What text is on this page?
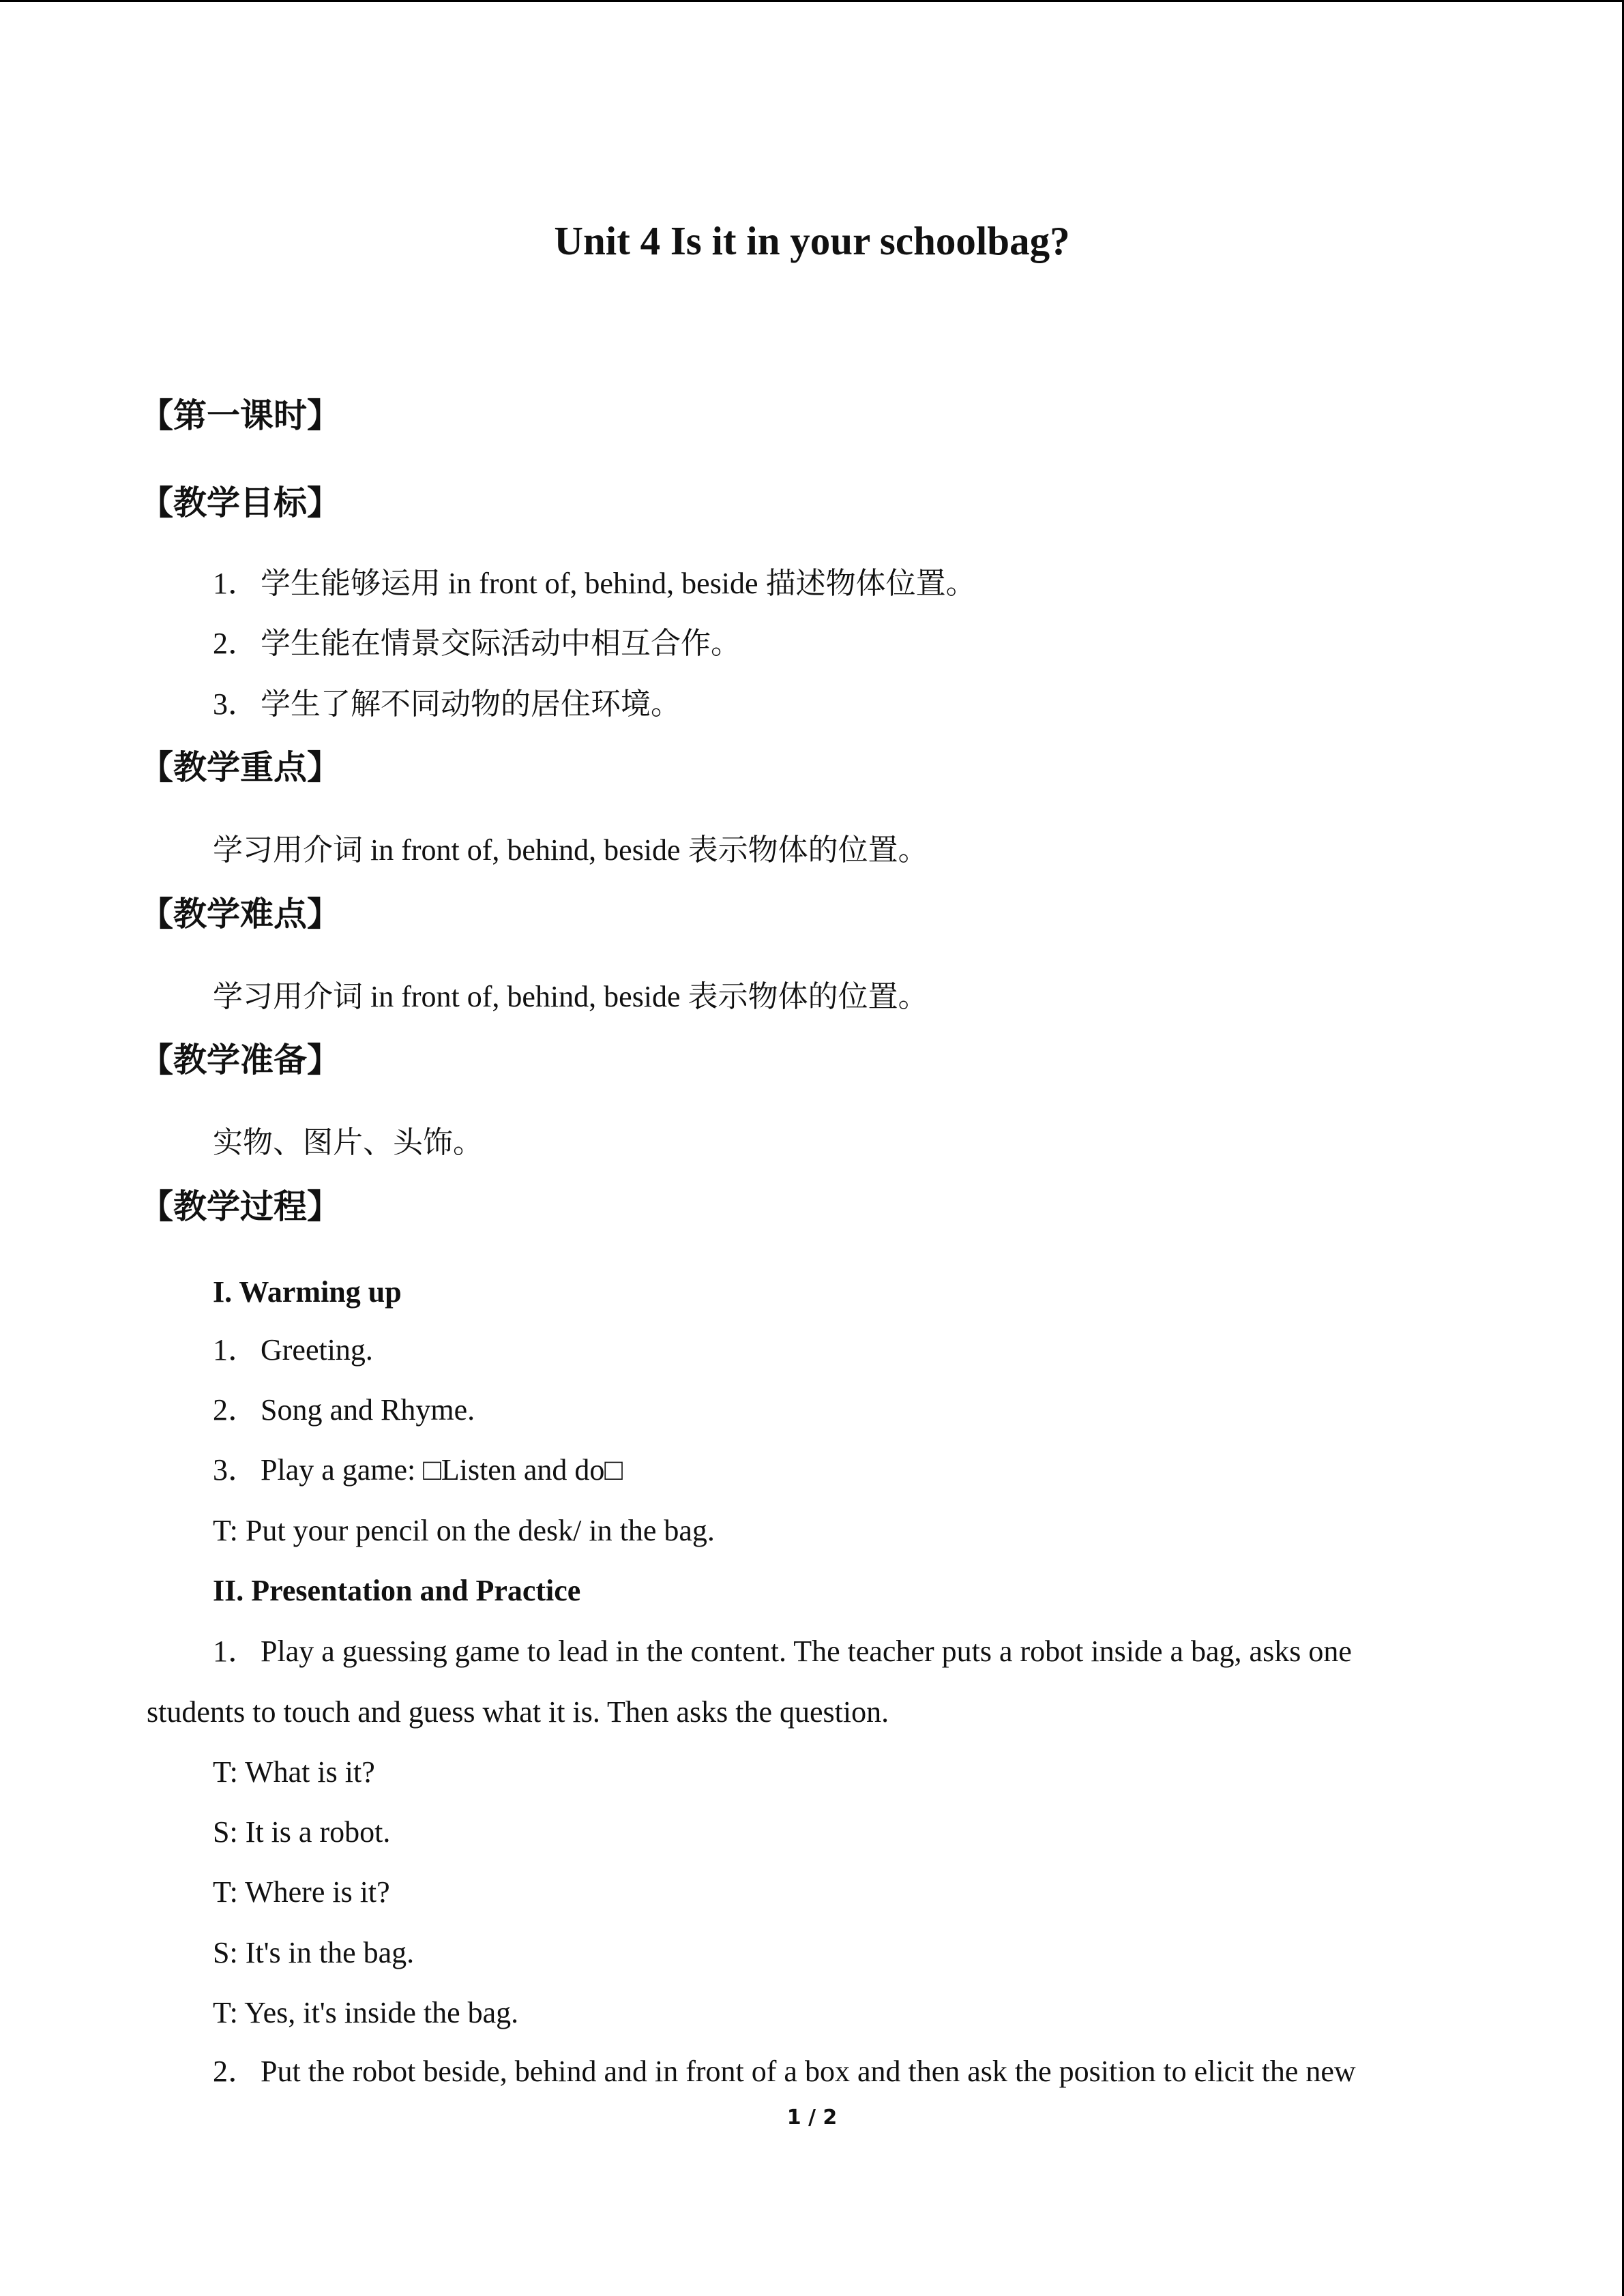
Unit 4 Is it in your schoolbag?
【第一课时】
【教学目标】
1．学生能够运用 in front of, behind, beside 描述物体位置。
2．学生能在情景交际活动中相互合作。
3．学生了解不同动物的居住环境。
【教学重点】
学习用介词 in front of, behind, beside 表示物体的位置。
【教学难点】
学习用介词 in front of, behind, beside 表示物体的位置。
【教学准备】
实物、图片、头饰。
【教学过程】
I. Warming up
1．Greeting.
2．Song and Rhyme.
3．Play a game: □Listen and do□
T: Put your pencil on the desk/ in the bag.
II. Presentation and Practice
1．Play a guessing game to lead in the content. The teacher puts a robot inside a bag, asks one
students to touch and guess what it is. Then asks the question.
T: What is it?
S: It is a robot.
T: Where is it?
S: It's in the bag.
T: Yes, it's inside the bag.
2．Put the robot beside, behind and in front of a box and then ask the position to elicit the new
1 / 2
